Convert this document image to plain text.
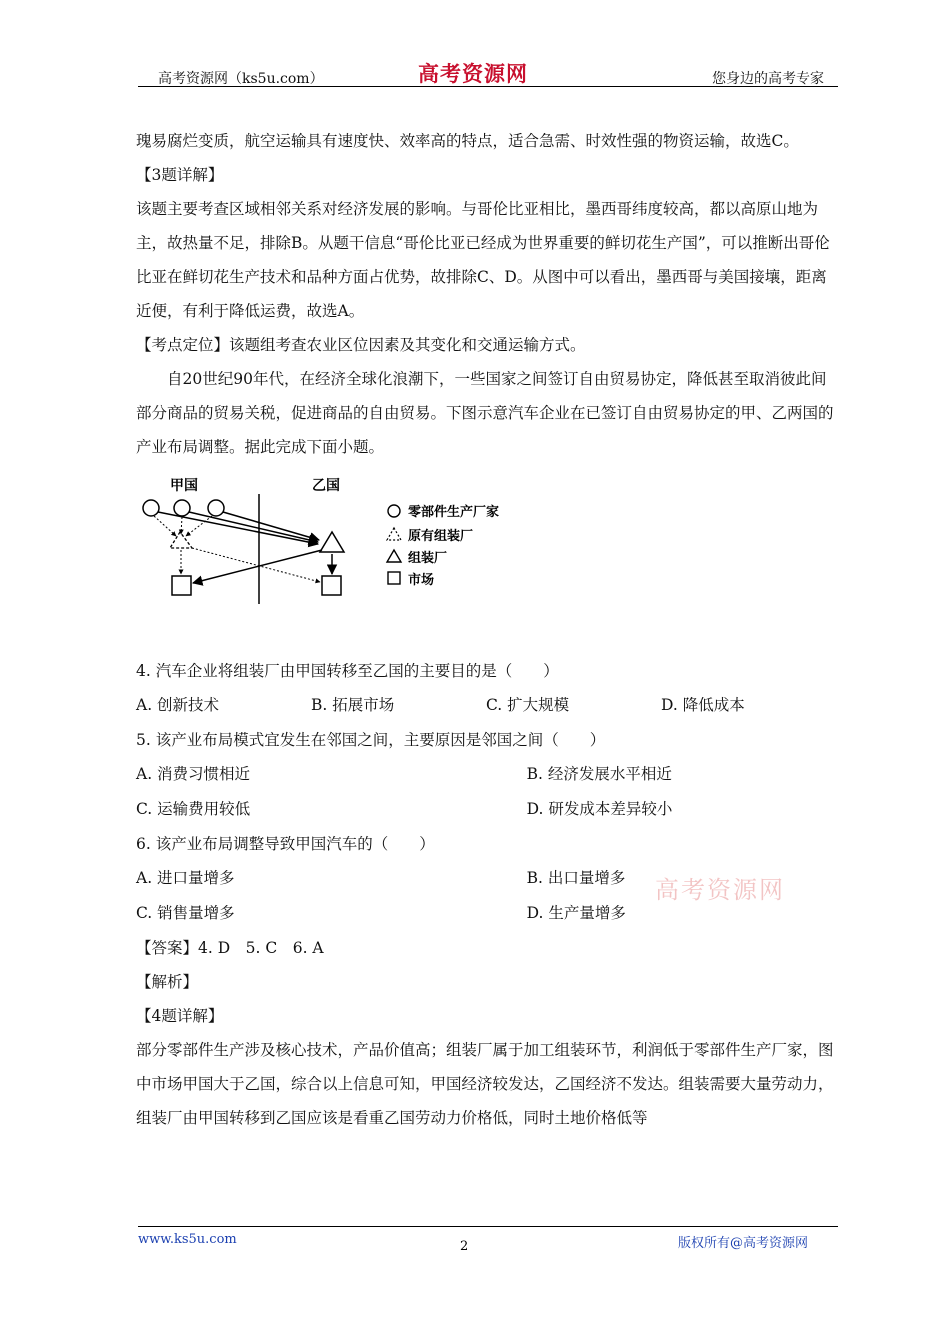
高考资源网（ks5u.com）	高考资源网	您身边的高考专家

瑰易腐烂变质，航空运输具有速度快、效率高的特点，适合急需、时效性强的物资运输，故选C。

【3题详解】

该题主要考查区域相邻关系对经济发展的影响。与哥伦比亚相比，墨西哥纬度较高，都以高原山地为主，故热量不足，排除B。从题干信息“哥伦比亚已经成为世界重要的鲜切花生产国”，可以推断出哥伦比亚在鲜切花生产技术和品种方面占优势，故排除C、D。从图中可以看出，墨西哥与美国接壤，距离近便，有利于降低运费，故选A。

【考点定位】该题组考查农业区位因素及其变化和交通运输方式。

自20世纪90年代，在经济全球化浪潮下，一些国家之间签订自由贸易协定，降低甚至取消彼此间部分商品的贸易关税，促进商品的自由贸易。下图示意汽车企业在已签订自由贸易协定的甲、乙两国的产业布局调整。据此完成下面小题。

甲国	乙国
零部件生产厂家
原有组装厂
组装厂
市场

4. 汽车企业将组装厂由甲国转移至乙国的主要目的是（　　）

A. 创新技术	B. 拓展市场	C. 扩大规模	D. 降低成本

5. 该产业布局模式宜发生在邻国之间，主要原因是邻国之间（　　）

A. 消费习惯相近	B. 经济发展水平相近
C. 运输费用较低	D. 研发成本差异较小

6. 该产业布局调整导致甲国汽车的（　　）

A. 进口量增多	B. 出口量增多
C. 销售量增多	D. 生产量增多

【答案】4. D　5. C　6. A

【解析】

【4题详解】

部分零部件生产涉及核心技术，产品价值高；组装厂属于加工组装环节，利润低于零部件生产厂家，图中市场甲国大于乙国，综合以上信息可知，甲国经济较发达，乙国经济不发达。组装需要大量劳动力，组装厂由甲国转移到乙国应该是看重乙国劳动力价格低，同时土地价格低等

高考资源网
www.ks5u.com	2	版权所有@高考资源网
